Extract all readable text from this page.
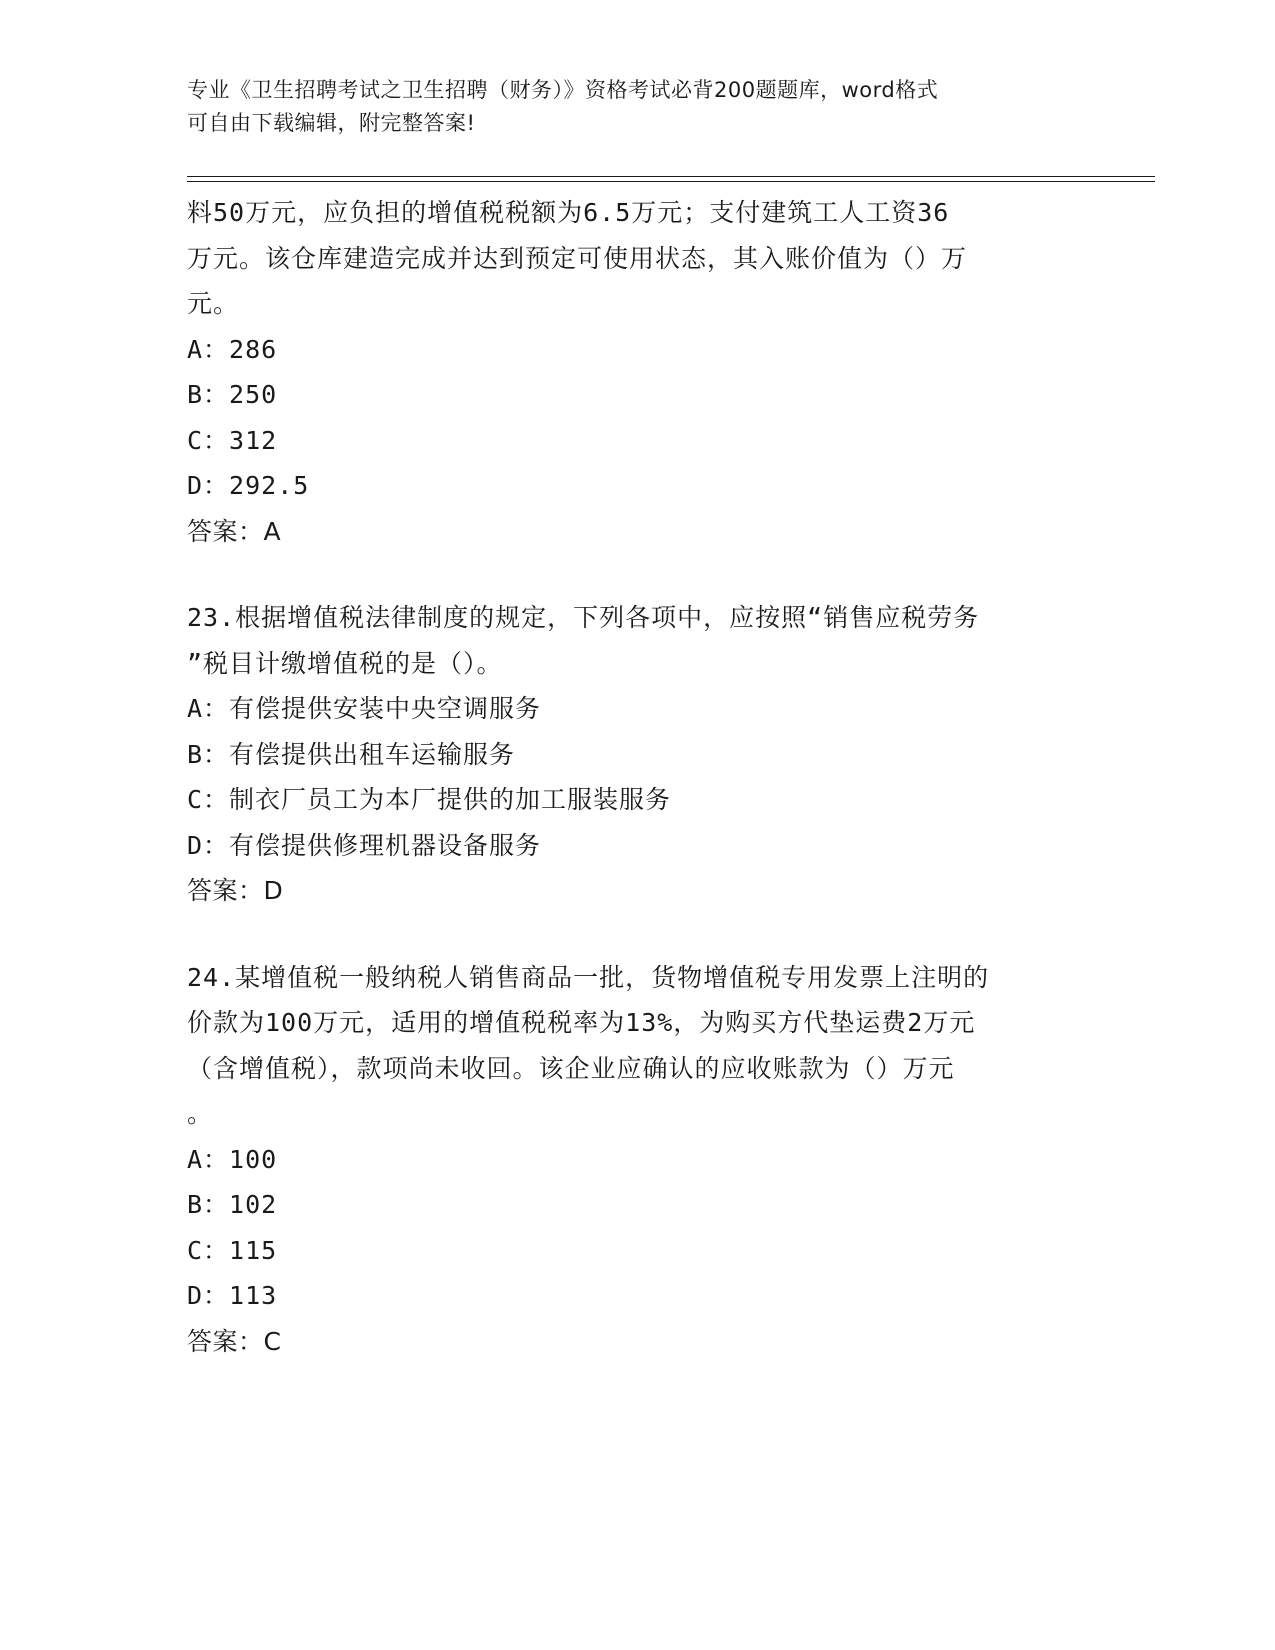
专业《卫生招聘考试之卫生招聘（财务）》资格考试必背200题题库，word格式
可自由下载编辑，附完整答案!
料50万元，应负担的增值税税额为6.5万元；支付建筑工人工资36
万元。该仓库建造完成并达到预定可使用状态，其入账价值为（）万
元。
A：286
B：250
C：312
D：292.5
答案：A
23.根据增值税法律制度的规定，下列各项中，应按照“销售应税劳务
”税目计缴增值税的是（）。
A：有偿提供安装中央空调服务
B：有偿提供出租车运输服务
C：制衣厂员工为本厂提供的加工服装服务
D：有偿提供修理机器设备服务
答案：D
24.某增值税一般纳税人销售商品一批，货物增值税专用发票上注明的
价款为100万元，适用的增值税税率为13%，为购买方代垫运费2万元
（含增值税），款项尚未收回。该企业应确认的应收账款为（）万元
。
A：100
B：102
C：115
D：113
答案：C
